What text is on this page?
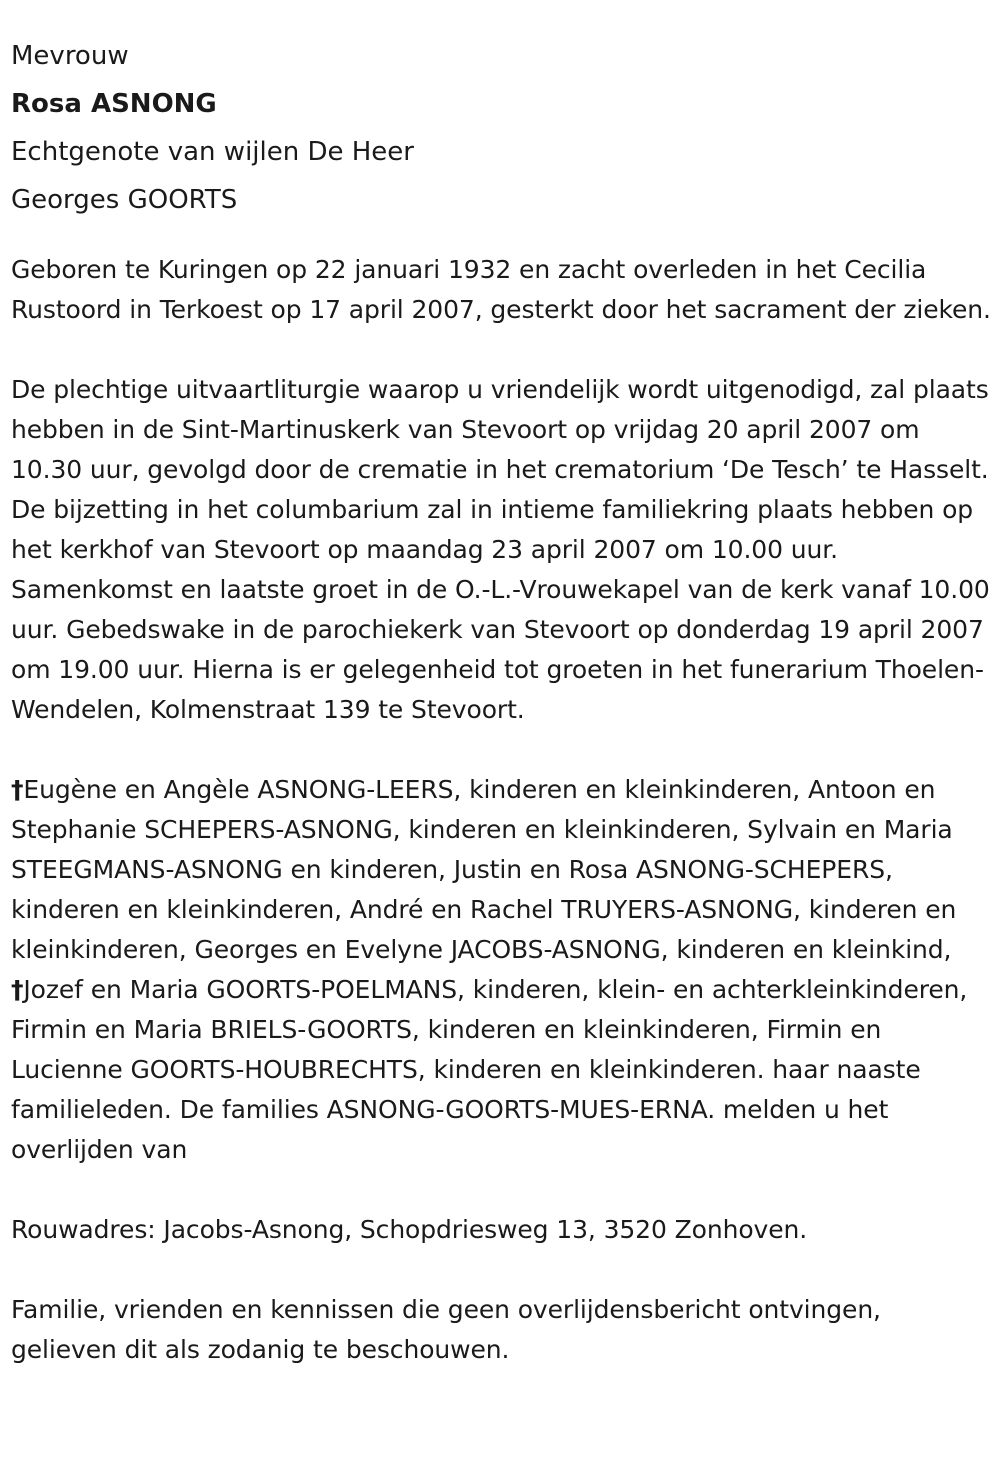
Mevrouw

Rosa ASNONG

Echtgenote van wijlen De Heer

Georges GOORTS

Geboren te Kuringen op 22 januari 1932 en zacht overleden in het Cecilia Rustoord in Terkoest op 17 april 2007, gesterkt door het sacrament der zieken.

De plechtige uitvaartliturgie waarop u vriendelijk wordt uitgenodigd, zal plaats hebben in de Sint-Martinuskerk van Stevoort op vrijdag 20 april 2007 om 10.30 uur, gevolgd door de crematie in het crematorium ‘De Tesch’ te Hasselt. De bijzetting in het columbarium zal in intieme familiekring plaats hebben op het kerkhof van Stevoort op maandag 23 april 2007 om 10.00 uur. Samenkomst en laatste groet in de O.-L.-Vrouwekapel van de kerk vanaf 10.00 uur. Gebedswake in de parochiekerk van Stevoort op donderdag 19 april 2007 om 19.00 uur. Hierna is er gelegenheid tot groeten in het funerarium Thoelen-Wendelen, Kolmenstraat 139 te Stevoort.

†Eugène en Angèle ASNONG-LEERS, kinderen en kleinkinderen, Antoon en Stephanie SCHEPERS-ASNONG, kinderen en kleinkinderen, Sylvain en Maria STEEGMANS-ASNONG en kinderen, Justin en Rosa ASNONG-SCHEPERS, kinderen en kleinkinderen, André en Rachel TRUYERS-ASNONG, kinderen en kleinkinderen, Georges en Evelyne JACOBS-ASNONG, kinderen en kleinkind, †Jozef en Maria GOORTS-POELMANS, kinderen, klein- en achterkleinkinderen, Firmin en Maria BRIELS-GOORTS, kinderen en kleinkinderen, Firmin en Lucienne GOORTS-HOUBRECHTS, kinderen en kleinkinderen. haar naaste familieleden. De families ASNONG-GOORTS-MUES-ERNA. melden u het overlijden van

Rouwadres: Jacobs-Asnong, Schopdriesweg 13, 3520 Zonhoven.

Familie, vrienden en kennissen die geen overlijdensbericht ontvingen, gelieven dit als zodanig te beschouwen.
